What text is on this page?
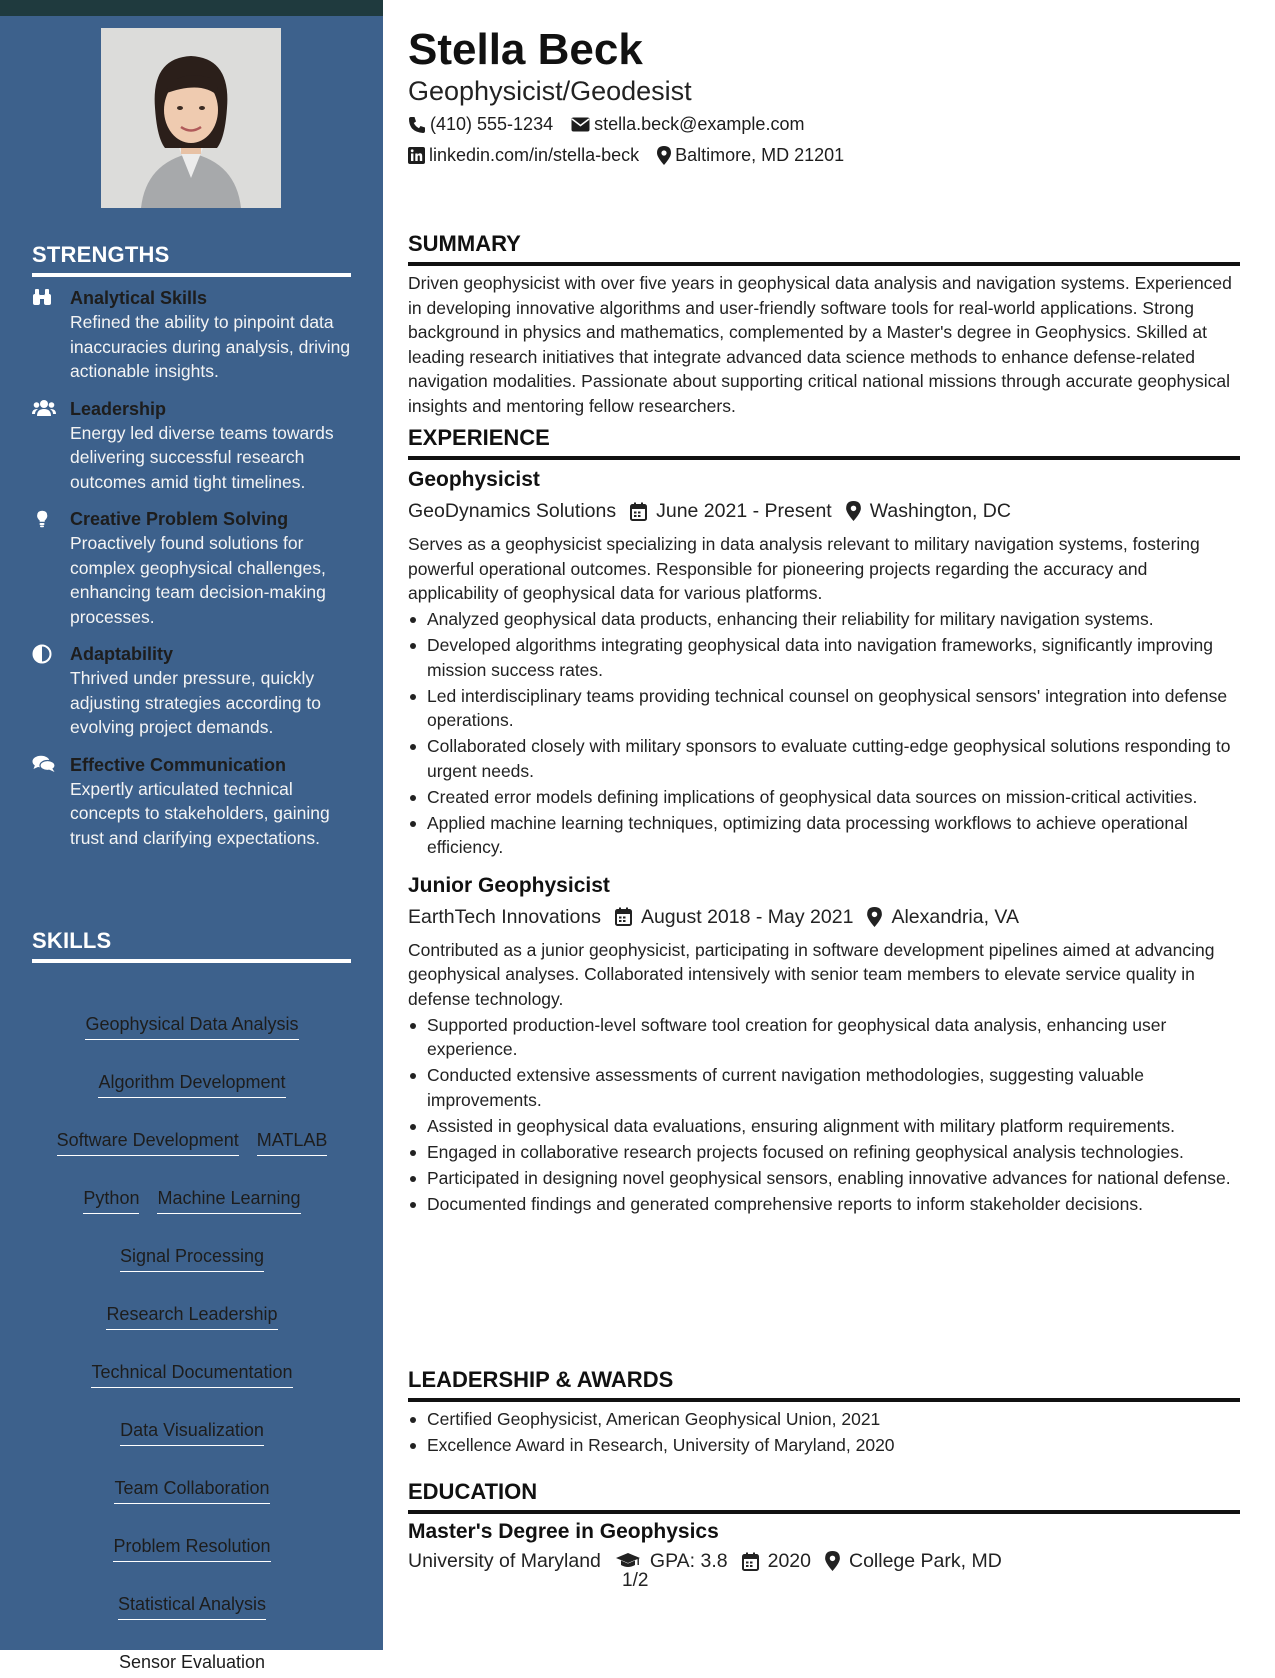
STRENGTHS
Analytical Skills
Refined the ability to pinpoint data inaccuracies during analysis, driving actionable insights.
Leadership
Energy led diverse teams towards delivering successful research outcomes amid tight timelines.
Creative Problem Solving
Proactively found solutions for complex geophysical challenges, enhancing team decision-making processes.
Adaptability
Thrived under pressure, quickly adjusting strategies according to evolving project demands.
Effective Communication
Expertly articulated technical concepts to stakeholders, gaining trust and clarifying expectations.
SKILLS
Geophysical Data Analysis
Algorithm Development
Software Development MATLAB
Python Machine Learning
Signal Processing
Research Leadership
Technical Documentation
Data Visualization
Team Collaboration
Problem Resolution
Statistical Analysis
Sensor Evaluation
Stella Beck
Geophysicist/Geodesist
(410) 555-1234 stella.beck@example.com
linkedin.com/in/stella-beck Baltimore, MD 21201
SUMMARY
Driven geophysicist with over five years in geophysical data analysis and navigation systems. Experienced in developing innovative algorithms and user-friendly software tools for real-world applications. Strong background in physics and mathematics, complemented by a Master's degree in Geophysics. Skilled at leading research initiatives that integrate advanced data science methods to enhance defense-related navigation modalities. Passionate about supporting critical national missions through accurate geophysical insights and mentoring fellow researchers.
EXPERIENCE
Geophysicist
GeoDynamics Solutions June 2021 - Present Washington, DC
Serves as a geophysicist specializing in data analysis relevant to military navigation systems, fostering powerful operational outcomes. Responsible for pioneering projects regarding the accuracy and applicability of geophysical data for various platforms.
Analyzed geophysical data products, enhancing their reliability for military navigation systems.
Developed algorithms integrating geophysical data into navigation frameworks, significantly improving mission success rates.
Led interdisciplinary teams providing technical counsel on geophysical sensors' integration into defense operations.
Collaborated closely with military sponsors to evaluate cutting-edge geophysical solutions responding to urgent needs.
Created error models defining implications of geophysical data sources on mission-critical activities.
Applied machine learning techniques, optimizing data processing workflows to achieve operational efficiency.
Junior Geophysicist
EarthTech Innovations August 2018 - May 2021 Alexandria, VA
Contributed as a junior geophysicist, participating in software development pipelines aimed at advancing geophysical analyses. Collaborated intensively with senior team members to elevate service quality in defense technology.
Supported production-level software tool creation for geophysical data analysis, enhancing user experience.
Conducted extensive assessments of current navigation methodologies, suggesting valuable improvements.
Assisted in geophysical data evaluations, ensuring alignment with military platform requirements.
Engaged in collaborative research projects focused on refining geophysical analysis technologies.
Participated in designing novel geophysical sensors, enabling innovative advances for national defense.
Documented findings and generated comprehensive reports to inform stakeholder decisions.
LEADERSHIP & AWARDS
Certified Geophysicist, American Geophysical Union, 2021
Excellence Award in Research, University of Maryland, 2020
EDUCATION
Master's Degree in Geophysics
University of Maryland	GPA: 3.8 2020 College Park, MD
1/2
